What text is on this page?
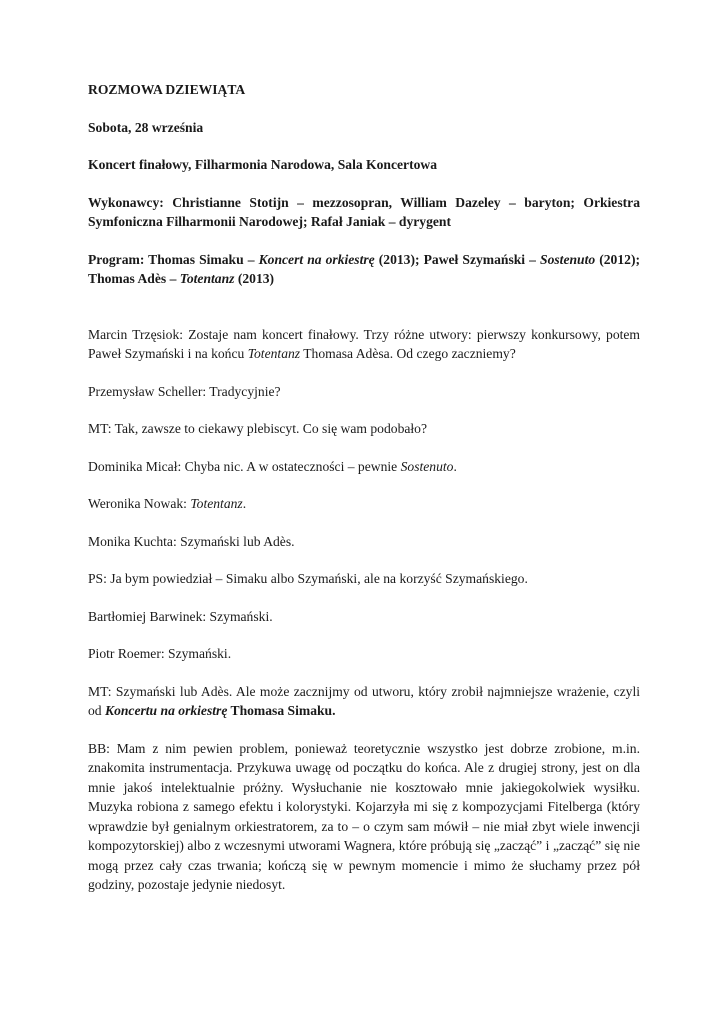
ROZMOWA DZIEWIĄTA

Sobota, 28 września

Koncert finałowy, Filharmonia Narodowa, Sala Koncertowa

Wykonawcy: Christianne Stotijn – mezzosopran, William Dazeley – baryton; Orkiestra Symfoniczna Filharmonii Narodowej; Rafał Janiak – dyrygent

Program: Thomas Simaku – Koncert na orkiestrę (2013); Paweł Szymański – Sostenuto (2012); Thomas Adès – Totentanz (2013)

Marcin Trzęsiok: Zostaje nam koncert finałowy. Trzy różne utwory: pierwszy konkursowy, potem Paweł Szymański i na końcu Totentanz Thomasa Adèsa. Od czego zaczniemy?

Przemysław Scheller: Tradycyjnie?

MT: Tak, zawsze to ciekawy plebiscyt. Co się wam podobało?

Dominika Micał: Chyba nic. A w ostateczności – pewnie Sostenuto.

Weronika Nowak: Totentanz.

Monika Kuchta: Szymański lub Adès.

PS: Ja bym powiedział – Simaku albo Szymański, ale na korzyść Szymańskiego.

Bartłomiej Barwinek: Szymański.

Piotr Roemer: Szymański.

MT: Szymański lub Adès. Ale może zacznijmy od utworu, który zrobił najmniejsze wrażenie, czyli od Koncertu na orkiestrę Thomasa Simaku.

BB: Mam z nim pewien problem, ponieważ teoretycznie wszystko jest dobrze zrobione, m.in. znakomita instrumentacja. Przykuwa uwagę od początku do końca. Ale z drugiej strony, jest on dla mnie jakoś intelektualnie próżny. Wysłuchanie nie kosztowało mnie jakiegokolwiek wysiłku. Muzyka robiona z samego efektu i kolorystyki. Kojarzyła mi się z kompozycjami Fitelberga (który wprawdzie był genialnym orkiestratorem, za to – o czym sam mówił – nie miał zbyt wiele inwencji kompozytorskiej) albo z wczesnymi utworami Wagnera, które próbują się „zacząć” i „zacząć” się nie mogą przez cały czas trwania; kończą się w pewnym momencie i mimo że słuchamy przez pół godziny, pozostaje jedynie niedosyt.
